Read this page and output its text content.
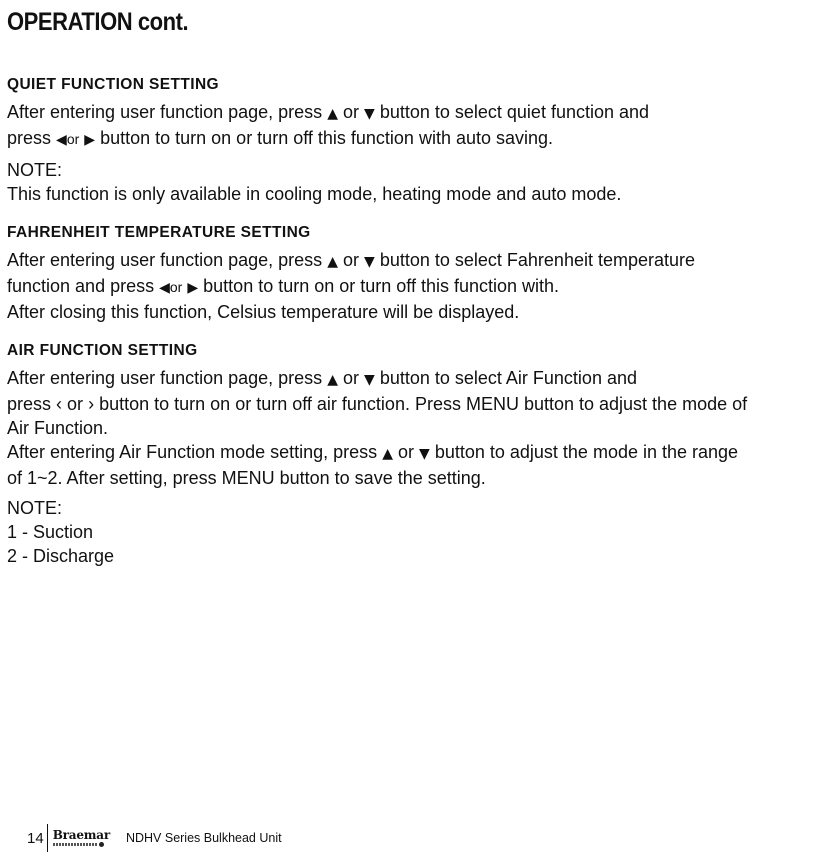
OPERATION cont.
QUIET FUNCTION SETTING

After entering user function page, press ▲ or ▼ button to select quiet function and

press ◀or ▶ button to turn on or turn off this function with auto saving.

NOTE:

This function is only available in cooling mode, heating mode and auto mode.

FAHRENHEIT TEMPERATURE SETTING

After entering user function page, press ▲ or ▼ button to select Fahrenheit temperature

function and press ◀or ▶ button to turn on or turn off this function with.

After closing this function, Celsius temperature will be displayed.

AIR FUNCTION SETTING

After entering user function page, press ▲ or ▼ button to select Air Function and

press ‹ or › button to turn on or turn off air function. Press MENU button to adjust the mode of

Air Function.

After entering Air Function mode setting, press ▲ or ▼ button to adjust the mode in the range

of 1~2. After setting, press MENU button to save the setting.

NOTE:

1 - Suction

2 - Discharge

14 Braemar NDHV Series Bulkhead Unit
